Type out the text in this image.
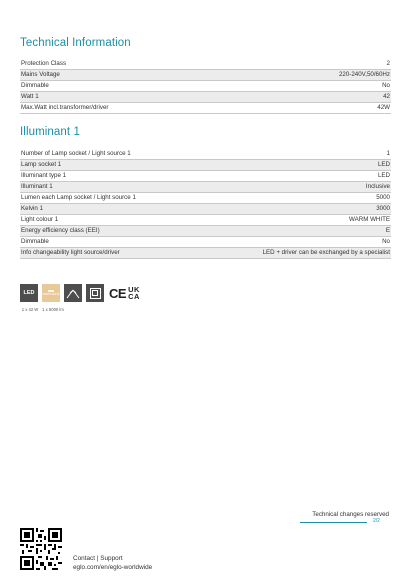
Technical Information
Protection Class	2
Mains Voltage	220-240V,50/60Hz
Dimmable	No
Watt 1	42
Max.Watt incl.transformer/driver	42W
Illuminant 1
Number of Lamp socket / Light source 1	1
Lamp socket 1	LED
Illuminant type 1	LED
Illuminant 1	Inclusive
Lumen each Lamp socket / Light source 1	5000
Kelvin 1	3000
Light colour 1	WARM WHITE
Energy efficiency class (EEI)	E
Dimmable	No
Info changeability light source/driver	LED + driver can be exchanged by a specialist
LED	WARM WHITE	CE UK
CA
1 x 42 W 1 x 5000 lm
Technical changes reserved
2/2
Contact | Support
eglo.com/en/eglo-worldwide
